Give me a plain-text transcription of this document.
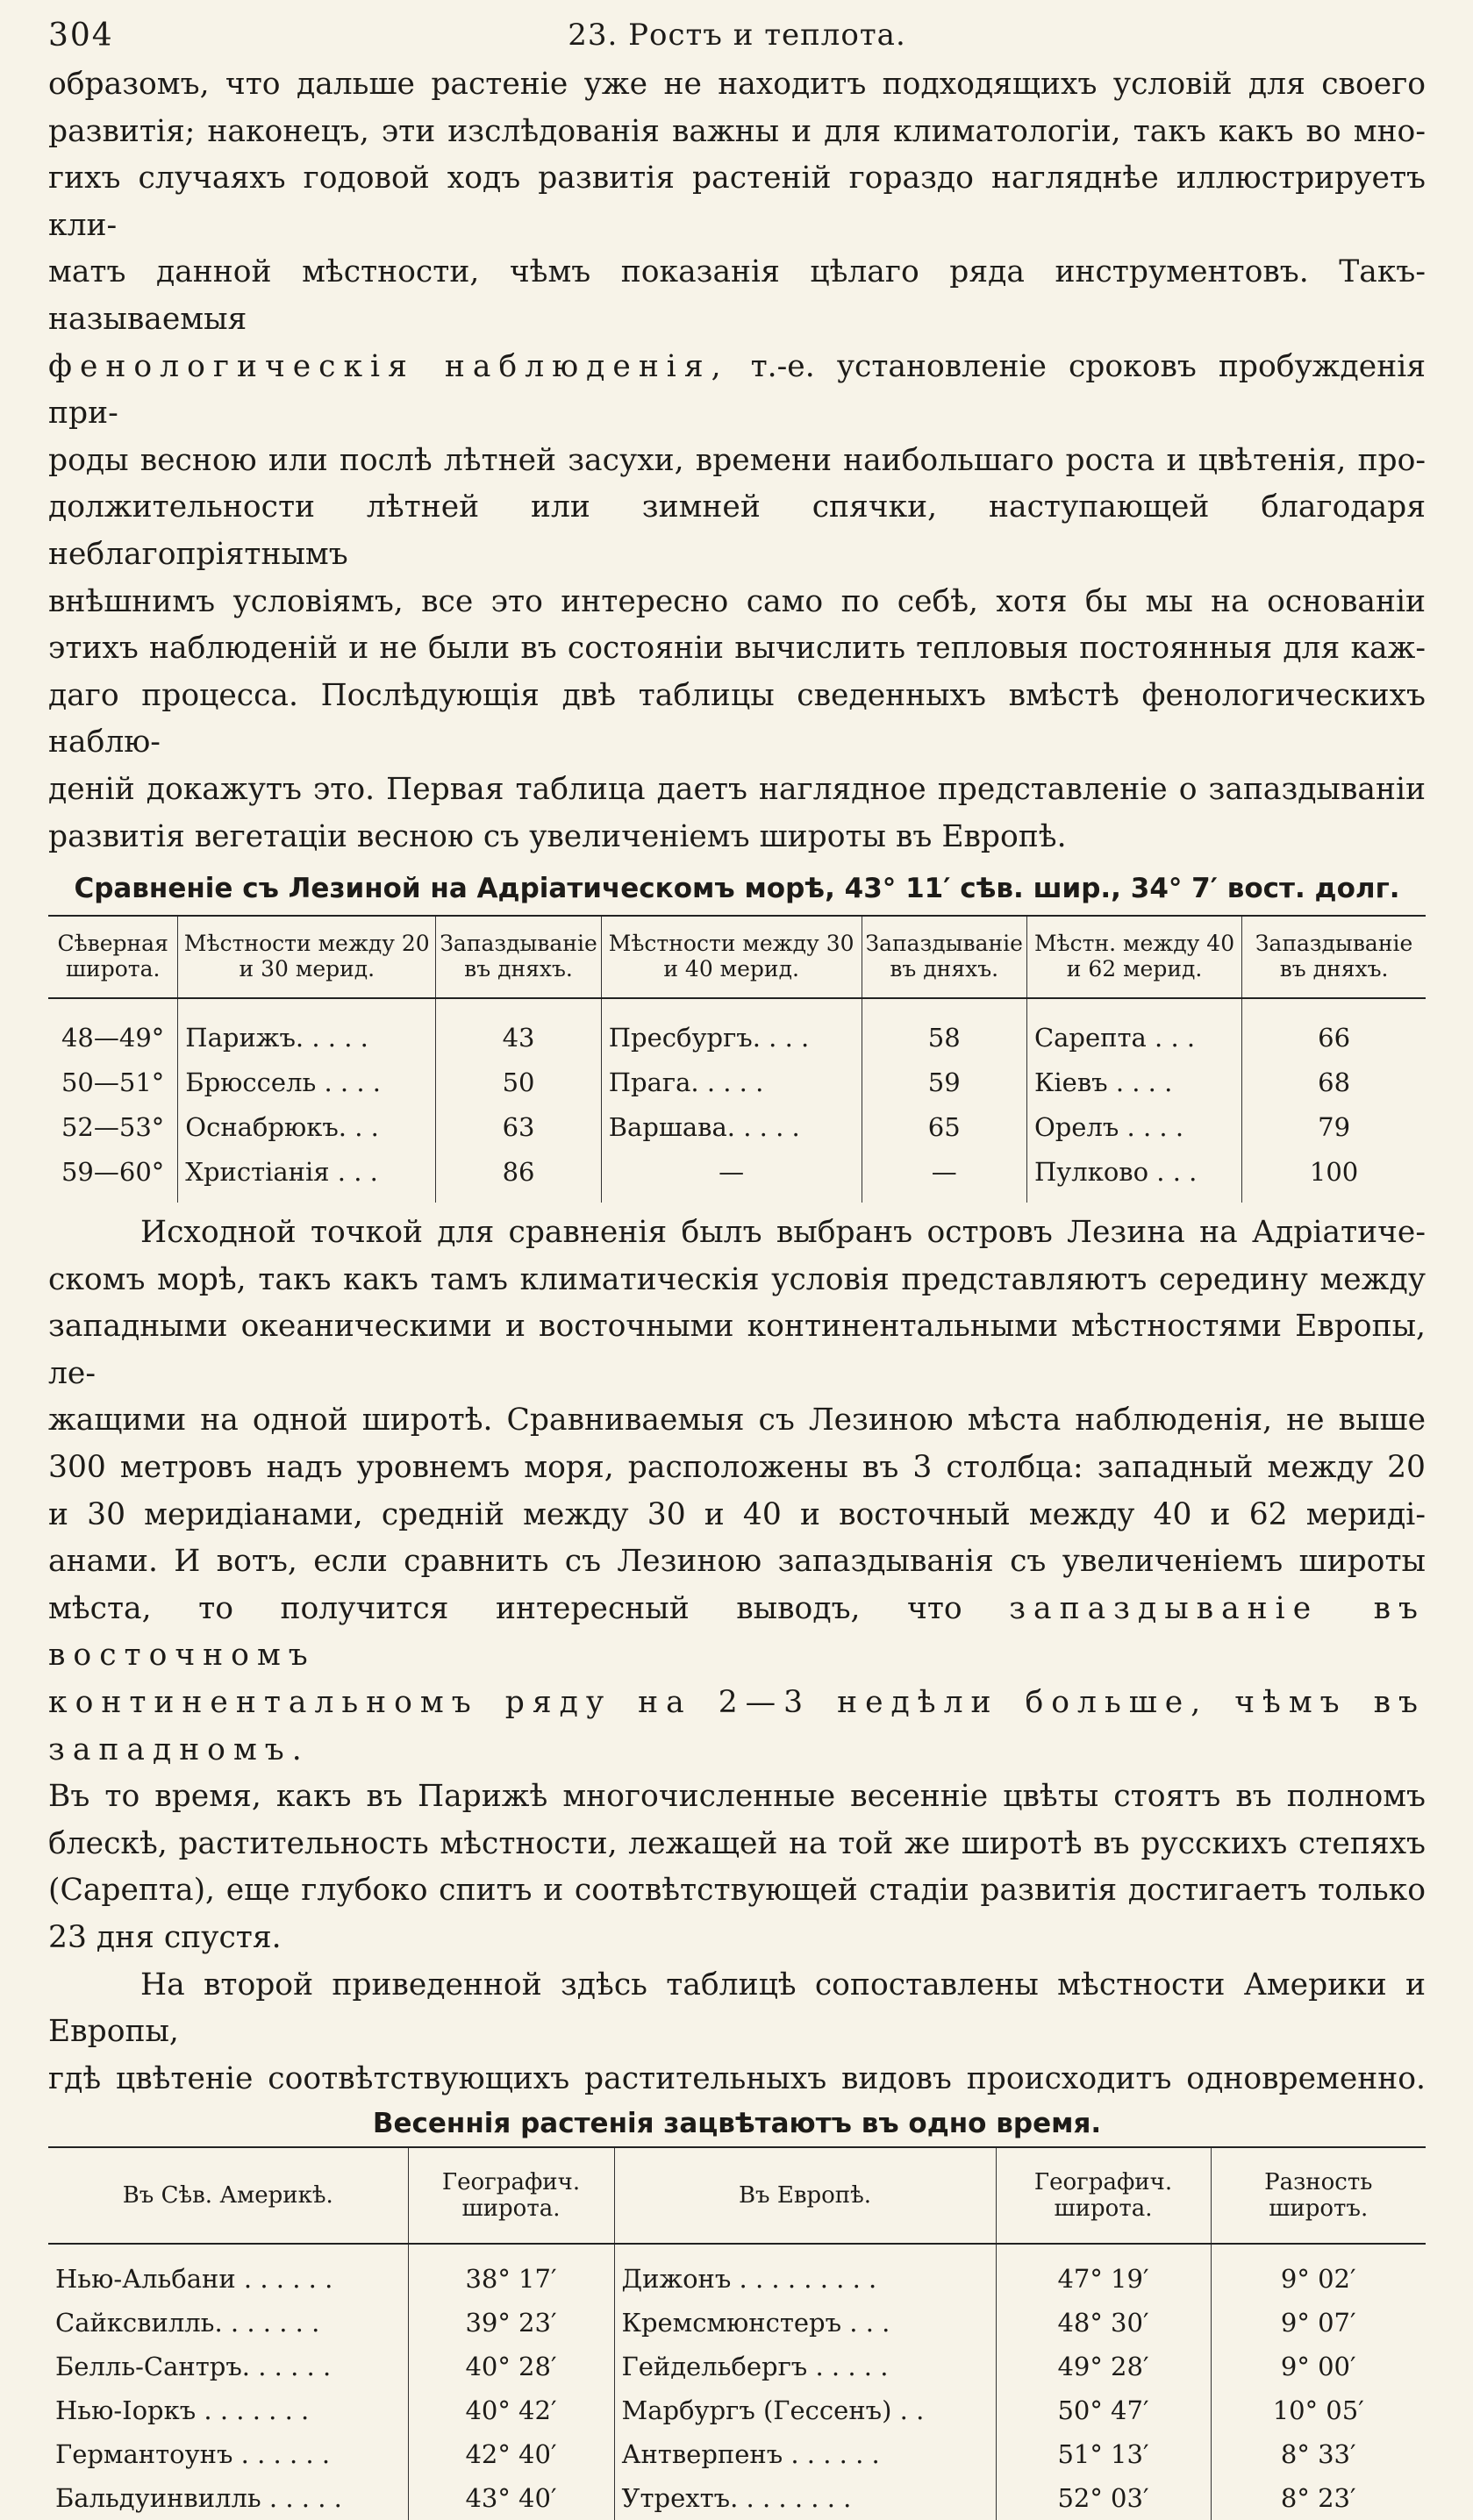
304	23. Ростъ и теплота.

образомъ, что дальше растеніе уже не находитъ подходящихъ условій для своего

развитія; наконецъ, эти изслѣдованія важны и для климатологіи, такъ какъ во мно-

гихъ случаяхъ годовой ходъ развитія растеній гораздо нагляднѣе иллюстрируетъ кли-

матъ данной мѣстности, чѣмъ показанія цѣлаго ряда инструментовъ. Такъ-называемыя

фенологическія наблюденія, т.-е. установленіе сроковъ пробужденія при-

роды весною или послѣ лѣтней засухи, времени наибольшаго роста и цвѣтенія, про-

должительности лѣтней или зимней спячки, наступающей благодаря неблагопріятнымъ

внѣшнимъ условіямъ, все это интересно само по себѣ, хотя бы мы на основаніи

этихъ наблюденій и не были въ состояніи вычислить тепловыя постоянныя для каж-

даго процесса. Послѣдующія двѣ таблицы сведенныхъ вмѣстѣ фенологическихъ наблю-

деній докажутъ это. Первая таблица даетъ наглядное представленіе о запаздываніи

развитія вегетаціи весною съ увеличеніемъ широты въ Европѣ.

Сравненіе съ Лезиной на Адріатическомъ морѣ, 43° 11′ сѣв. шир., 34° 7′ вост. долг.
Сѣверная широта.	Мѣстности между 20 и 30 мерид.	Запаздываніе въ дняхъ.	Мѣстности между 30 и 40 мерид.	Запаздываніе въ дняхъ.	Мѣстн. между 40 и 62 мерид.	Запаздываніе въ дняхъ.

48—49°	Парижъ. . . . .	43	Пресбургъ. . . .	58	Сарепта . . .	66
50—51°	Брюссель . . . .	50	Прага. . . . .	59	Кіевъ . . . .	68
52—53°	Оснабрюкъ. . .	63	Варшава. . . . .	65	Орелъ . . . .	79
59—60°	Христіанія . . .	86	—	—	Пулково . . .	100

Исходной точкой для сравненія былъ выбранъ островъ Лезина на Адріатиче-

скомъ морѣ, такъ какъ тамъ климатическія условія представляютъ середину между

западными океаническими и восточными континентальными мѣстностями Европы, ле-

жащими на одной широтѣ. Сравниваемыя съ Лезиною мѣста наблюденія, не выше

300 метровъ надъ уровнемъ моря, расположены въ 3 столбца: западный между 20

и 30 меридіанами, средній между 30 и 40 и восточный между 40 и 62 меридi-

анами. И вотъ, если сравнить съ Лезиною запаздыванія съ увеличеніемъ широты

мѣста, то получится интересный выводъ, что запаздываніе въ восточномъ

континентальномъ ряду на 2—3 недѣли больше, чѣмъ въ западномъ.

Въ то время, какъ въ Парижѣ многочисленные весенніе цвѣты стоятъ въ полномъ

блескѣ, растительность мѣстности, лежащей на той же широтѣ въ русскихъ степяхъ

(Сарепта), еще глубоко спитъ и соотвѣтствующей стадіи развитія достигаетъ только

23 дня спустя.

На второй приведенной здѣсь таблицѣ сопоставлены мѣстности Америки и Европы,

гдѣ цвѣтеніе соотвѣтствующихъ растительныхъ видовъ происходитъ одновременно.

Весеннія растенія зацвѣтаютъ въ одно время.
Въ Сѣв. Америкѣ.	Географич. широта.	Въ Европѣ.	Географич. широта.	Разность широтъ.

Нью-Альбани . . . . . .	38° 17′	Дижонъ . . . . . . . . .	47° 19′	9° 02′
Сайксвилль. . . . . . .	39° 23′	Кремсмюнстеръ . . .	48° 30′	9° 07′
Белль-Сантръ. . . . . .	40° 28′	Гейдельбергъ . . . . .	49° 28′	9° 00′
Нью-Іоркъ . . . . . . .	40° 42′	Марбургъ (Гессенъ) . .	50° 47′	10° 05′
Германтоунъ . . . . . .	42° 40′	Антверпенъ . . . . . .	51° 13′	8° 33′
Бальдуинвилль . . . . .	43° 40′	Утрехтъ. . . . . . . .	52° 03′	8° 23′
